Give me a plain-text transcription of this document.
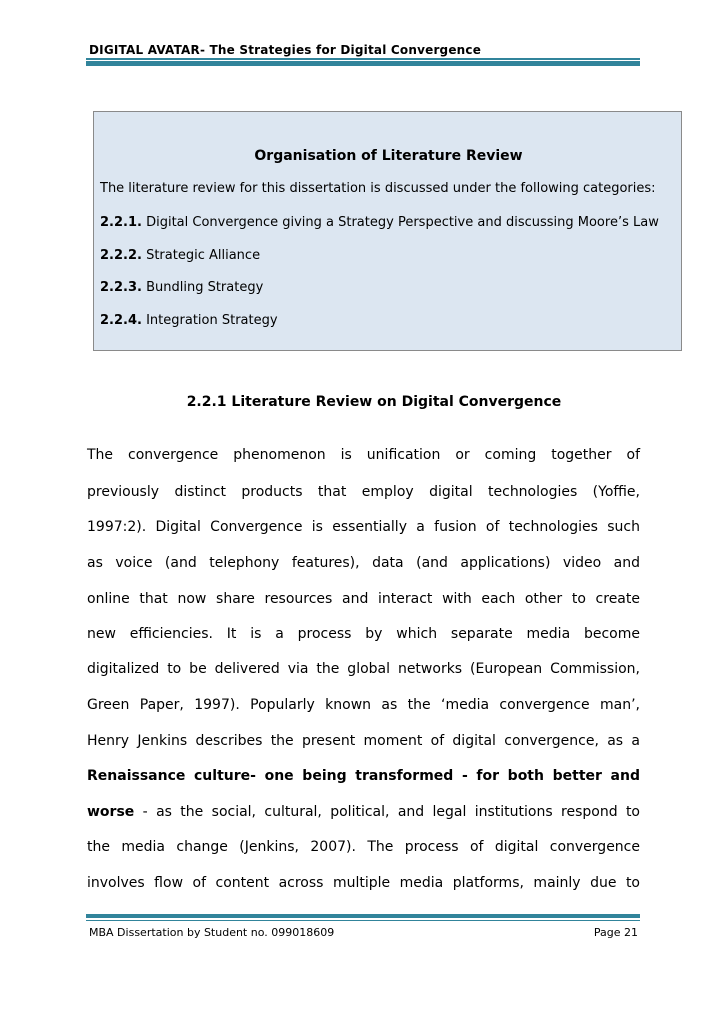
DIGITAL AVATAR- The Strategies for Digital Convergence
Organisation of Literature Review
The literature review for this dissertation is discussed under the following categories:
2.2.1. Digital Convergence giving a Strategy Perspective and discussing Moore’s Law
2.2.2. Strategic Alliance
2.2.3. Bundling Strategy
2.2.4. Integration Strategy
2.2.1 Literature Review on Digital Convergence
The convergence phenomenon is unification or coming together of
previously distinct products that employ digital technologies (Yoffie,
1997:2). Digital Convergence is essentially a fusion of technologies such
as voice (and telephony features), data (and applications) video and
online that now share resources and interact with each other to create
new efficiencies. It is a process by which separate media become
digitalized to be delivered via the global networks (European Commission,
Green Paper, 1997). Popularly known as the ‘media convergence man’,
Henry Jenkins describes the present moment of digital convergence, as a
Renaissance culture- one being transformed - for both better and
worse - as the social, cultural, political, and legal institutions respond to
the media change (Jenkins, 2007). The process of digital convergence
involves flow of content across multiple media platforms, mainly due to
MBA Dissertation by Student no. 099018609	Page 21
